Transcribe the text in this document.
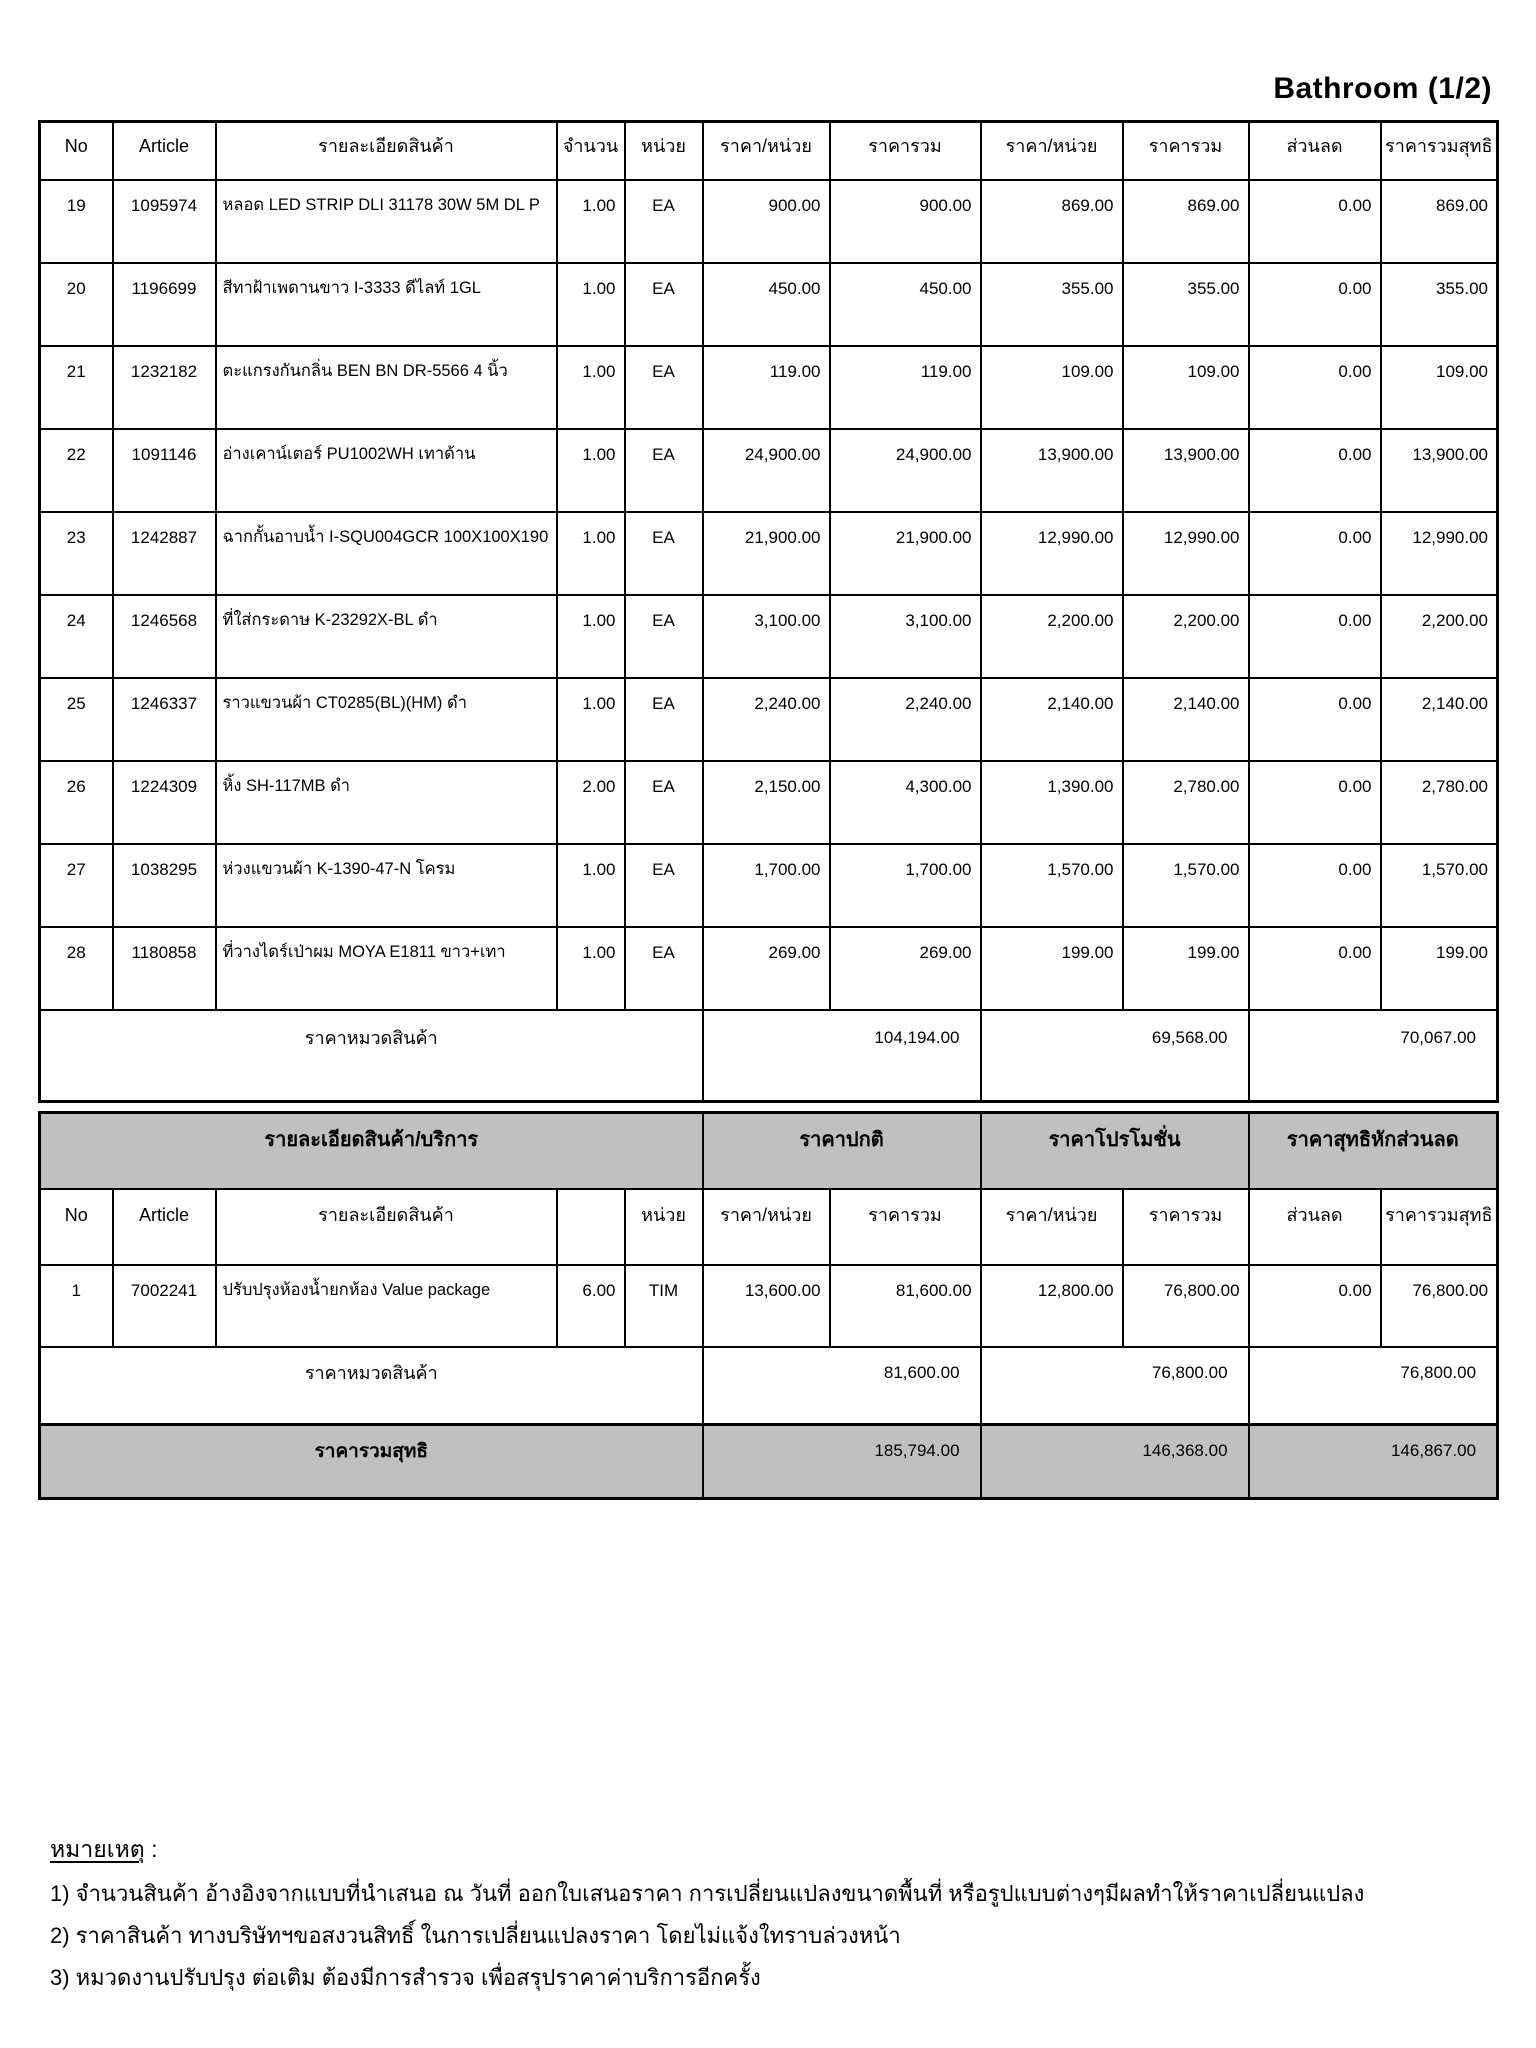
Bathroom (1/2)
No	Article	รายละเอียดสินค้า	จำนวน	หน่วย	ราคา/หน่วย	ราคารวม	ราคา/หน่วย	ราคารวม	ส่วนลด	ราคารวมสุทธิ
19	1095974	หลอด LED STRIP DLI 31178 30W 5M DL P	1.00	EA	900.00	900.00	869.00	869.00	0.00	869.00
20	1196699	สีทาฝ้าเพดานขาว I-3333 ดีไลท์ 1GL	1.00	EA	450.00	450.00	355.00	355.00	0.00	355.00
21	1232182	ตะแกรงกันกลิ่น BEN BN DR-5566 4 นิ้ว	1.00	EA	119.00	119.00	109.00	109.00	0.00	109.00
22	1091146	อ่างเคาน์เตอร์ PU1002WH เทาด้าน	1.00	EA	24,900.00	24,900.00	13,900.00	13,900.00	0.00	13,900.00
23	1242887	ฉากกั้นอาบน้ำ I-SQU004GCR 100X100X190	1.00	EA	21,900.00	21,900.00	12,990.00	12,990.00	0.00	12,990.00
24	1246568	ที่ใส่กระดาษ K-23292X-BL ดำ	1.00	EA	3,100.00	3,100.00	2,200.00	2,200.00	0.00	2,200.00
25	1246337	ราวแขวนผ้า CT0285(BL)(HM) ดำ	1.00	EA	2,240.00	2,240.00	2,140.00	2,140.00	0.00	2,140.00
26	1224309	หิ้ง SH-117MB ดำ	2.00	EA	2,150.00	4,300.00	1,390.00	2,780.00	0.00	2,780.00
27	1038295	ห่วงแขวนผ้า K-1390-47-N โครม	1.00	EA	1,700.00	1,700.00	1,570.00	1,570.00	0.00	1,570.00
28	1180858	ที่วางไดร์เป่าผม MOYA E1811 ขาว+เทา	1.00	EA	269.00	269.00	199.00	199.00	0.00	199.00
ราคาหมวดสินค้า					104,194.00		69,568.00		70,067.00	
รายละเอียดสินค้า/บริการ					ราคาปกติ		ราคาโปรโมชั่น		ราคาสุทธิหักส่วนลด	
No	Article	รายละเอียดสินค้า		หน่วย	ราคา/หน่วย	ราคารวม	ราคา/หน่วย	ราคารวม	ส่วนลด	ราคารวมสุทธิ
1	7002241	ปรับปรุงห้องน้ำยกห้อง Value package	6.00	TIM	13,600.00	81,600.00	12,800.00	76,800.00	0.00	76,800.00
ราคาหมวดสินค้า					81,600.00		76,800.00		76,800.00	
ราคารวมสุทธิ					185,794.00		146,368.00		146,867.00	
หมายเหตุ :
1) จำนวนสินค้า อ้างอิงจากแบบที่นำเสนอ ณ วันที่ ออกใบเสนอราคา การเปลี่ยนแปลงขนาดพื้นที่ หรือรูปแบบต่างๆมีผลทำให้ราคาเปลี่ยนแปลง
2) ราคาสินค้า ทางบริษัทฯขอสงวนสิทธิ์ ในการเปลี่ยนแปลงราคา โดยไม่แจ้งใทราบล่วงหน้า
3) หมวดงานปรับปรุง ต่อเติม ต้องมีการสำรวจ เพื่อสรุปราคาค่าบริการอีกครั้ง
